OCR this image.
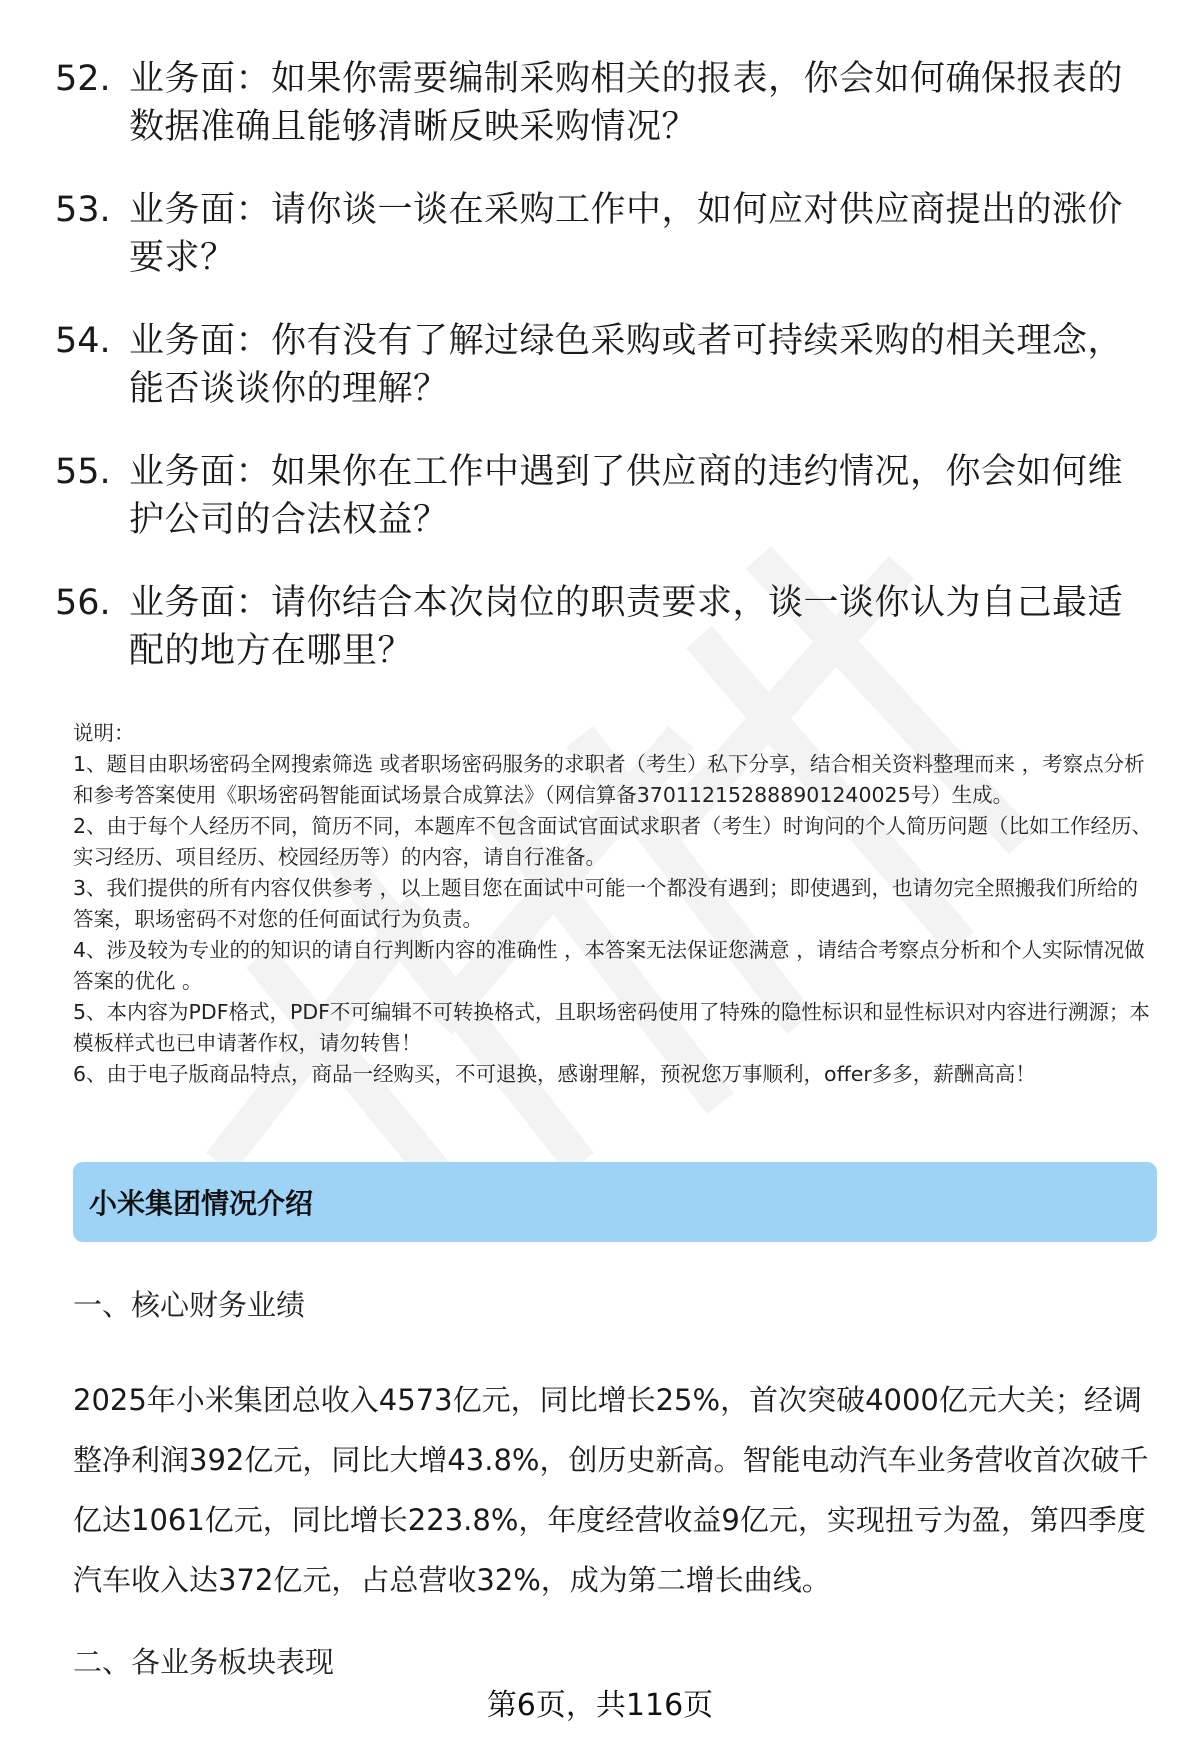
52. 业务面：如果你需要编制采购相关的报表，你会如何确保报表的数据准确且能够清晰反映采购情况？
53. 业务面：请你谈一谈在采购工作中，如何应对供应商提出的涨价要求？
54. 业务面：你有没有了解过绿色采购或者可持续采购的相关理念，能否谈谈你的理解？
55. 业务面：如果你在工作中遇到了供应商的违约情况，你会如何维护公司的合法权益？
56. 业务面：请你结合本次岗位的职责要求，谈一谈你认为自己最适配的地方在哪里？

说明：

1、题目由职场密码全网搜索筛选 或者职场密码服务的求职者（考生）私下分享，结合相关资料整理而来 ，考察点分析和参考答案使用《职场密码智能面试场景合成算法》（网信算备370112152888901240025号）生成。

2、由于每个人经历不同，简历不同，本题库不包含面试官面试求职者（考生）时询问的个人简历问题（比如工作经历、实习经历、项目经历、校园经历等）的内容，请自行准备。

3、我们提供的所有内容仅供参考 ，以上题目您在面试中可能一个都没有遇到；即使遇到，也请勿完全照搬我们所给的答案，职场密码不对您的任何面试行为负责。

4、涉及较为专业的的知识的请自行判断内容的准确性 ，本答案无法保证您满意 ，请结合考察点分析和个人实际情况做答案的优化 。

5、本内容为PDF格式，PDF不可编辑不可转换格式，且职场密码使用了特殊的隐性标识和显性标识对内容进行溯源；本模板样式也已申请著作权，请勿转售！

6、由于电子版商品特点，商品一经购买，不可退换，感谢理解，预祝您万事顺利，offer多多，薪酬高高！

小米集团情况介绍
一、核心财务业绩
2025年小米集团总收入4573亿元，同比增长25%，首次突破4000亿元大关；经调整净利润392亿元，同比大增43.8%，创历史新高。智能电动汽车业务营收首次破千亿达1061亿元，同比增长223.8%，年度经营收益9亿元，实现扭亏为盈，第四季度汽车收入达372亿元，占总营收32%，成为第二增长曲线。
二、各业务板块表现
第6页，共116页
